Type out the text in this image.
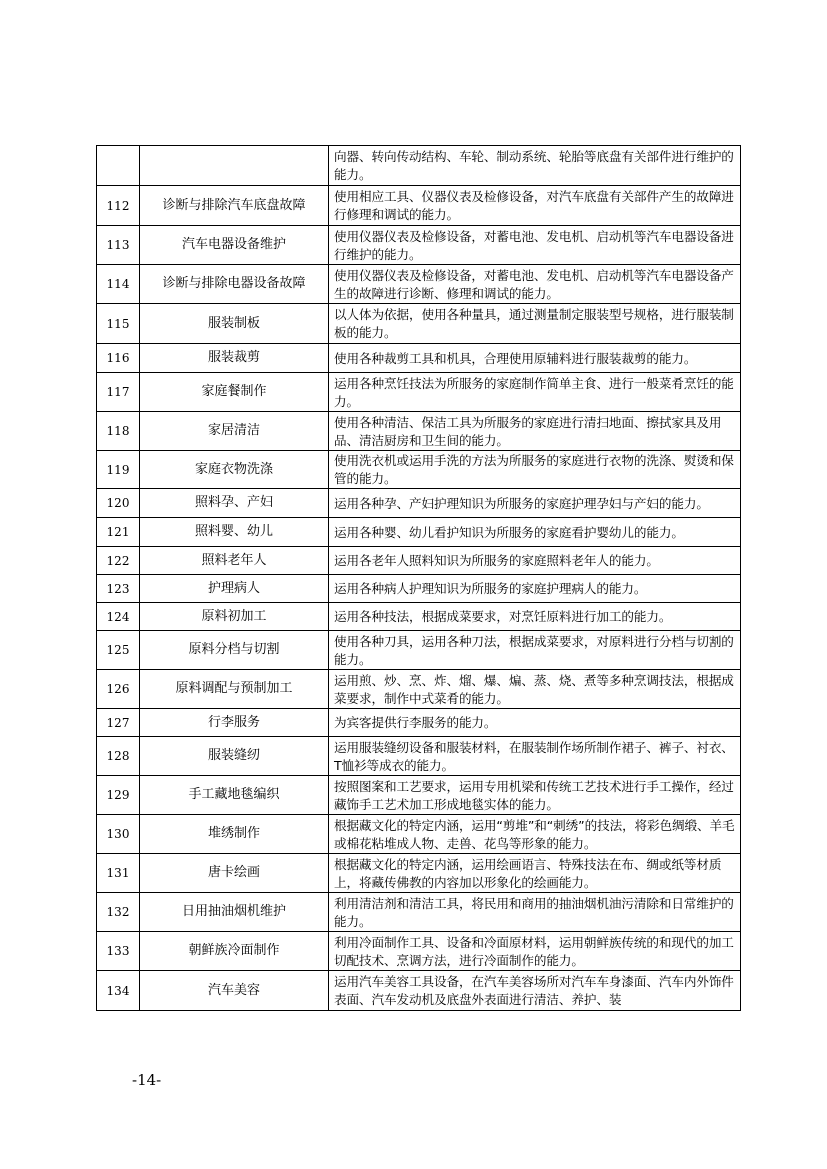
		向器、转向传动结构、车轮、制动系统、轮胎等底盘有关部件进行维护的能力。
112	诊断与排除汽车底盘故障	使用相应工具、仪器仪表及检修设备，对汽车底盘有关部件产生的故障进行修理和调试的能力。
113	汽车电器设备维护	使用仪器仪表及检修设备，对蓄电池、发电机、启动机等汽车电器设备进行维护的能力。
114	诊断与排除电器设备故障	使用仪器仪表及检修设备，对蓄电池、发电机、启动机等汽车电器设备产生的故障进行诊断、修理和调试的能力。
115	服装制板	以人体为依据，使用各种量具，通过测量制定服装型号规格，进行服装制板的能力。
116	服装裁剪	使用各种裁剪工具和机具，合理使用原辅料进行服装裁剪的能力。
117	家庭餐制作	运用各种烹饪技法为所服务的家庭制作简单主食、进行一般菜肴烹饪的能力。
118	家居清洁	使用各种清洁、保洁工具为所服务的家庭进行清扫地面、擦拭家具及用品、清洁厨房和卫生间的能力。
119	家庭衣物洗涤	使用洗衣机或运用手洗的方法为所服务的家庭进行衣物的洗涤、熨烫和保管的能力。
120	照料孕、产妇	运用各种孕、产妇护理知识为所服务的家庭护理孕妇与产妇的能力。
121	照料婴、幼儿	运用各种婴、幼儿看护知识为所服务的家庭看护婴幼儿的能力。
122	照料老年人	运用各老年人照料知识为所服务的家庭照料老年人的能力。
123	护理病人	运用各种病人护理知识为所服务的家庭护理病人的能力。
124	原料初加工	运用各种技法，根据成菜要求，对烹饪原料进行加工的能力。
125	原料分档与切割	使用各种刀具，运用各种刀法，根据成菜要求，对原料进行分档与切割的能力。
126	原料调配与预制加工	运用煎、炒、烹、炸、熘、爆、煸、蒸、烧、煮等多种烹调技法，根据成菜要求，制作中式菜肴的能力。
127	行李服务	为宾客提供行李服务的能力。
128	服装缝纫	运用服装缝纫设备和服装材料，在服装制作场所制作裙子、裤子、衬衣、T恤衫等成衣的能力。
129	手工藏地毯编织	按照图案和工艺要求，运用专用机梁和传统工艺技术进行手工操作，经过藏饰手工艺术加工形成地毯实体的能力。
130	堆绣制作	根据藏文化的特定内涵，运用“剪堆”和“刺绣”的技法，将彩色绸缎、羊毛或棉花粘堆成人物、走兽、花鸟等形象的能力。
131	唐卡绘画	根据藏文化的特定内涵，运用绘画语言、特殊技法在布、绸或纸等材质上，将藏传佛教的内容加以形象化的绘画能力。
132	日用抽油烟机维护	利用清洁剂和清洁工具，将民用和商用的抽油烟机油污清除和日常维护的能力。
133	朝鲜族冷面制作	利用冷面制作工具、设备和冷面原材料，运用朝鲜族传统的和现代的加工切配技术、烹调方法，进行冷面制作的能力。
134	汽车美容	运用汽车美容工具设备，在汽车美容场所对汽车车身漆面、汽车内外饰件表面、汽车发动机及底盘外表面进行清洁、养护、装
-14-
